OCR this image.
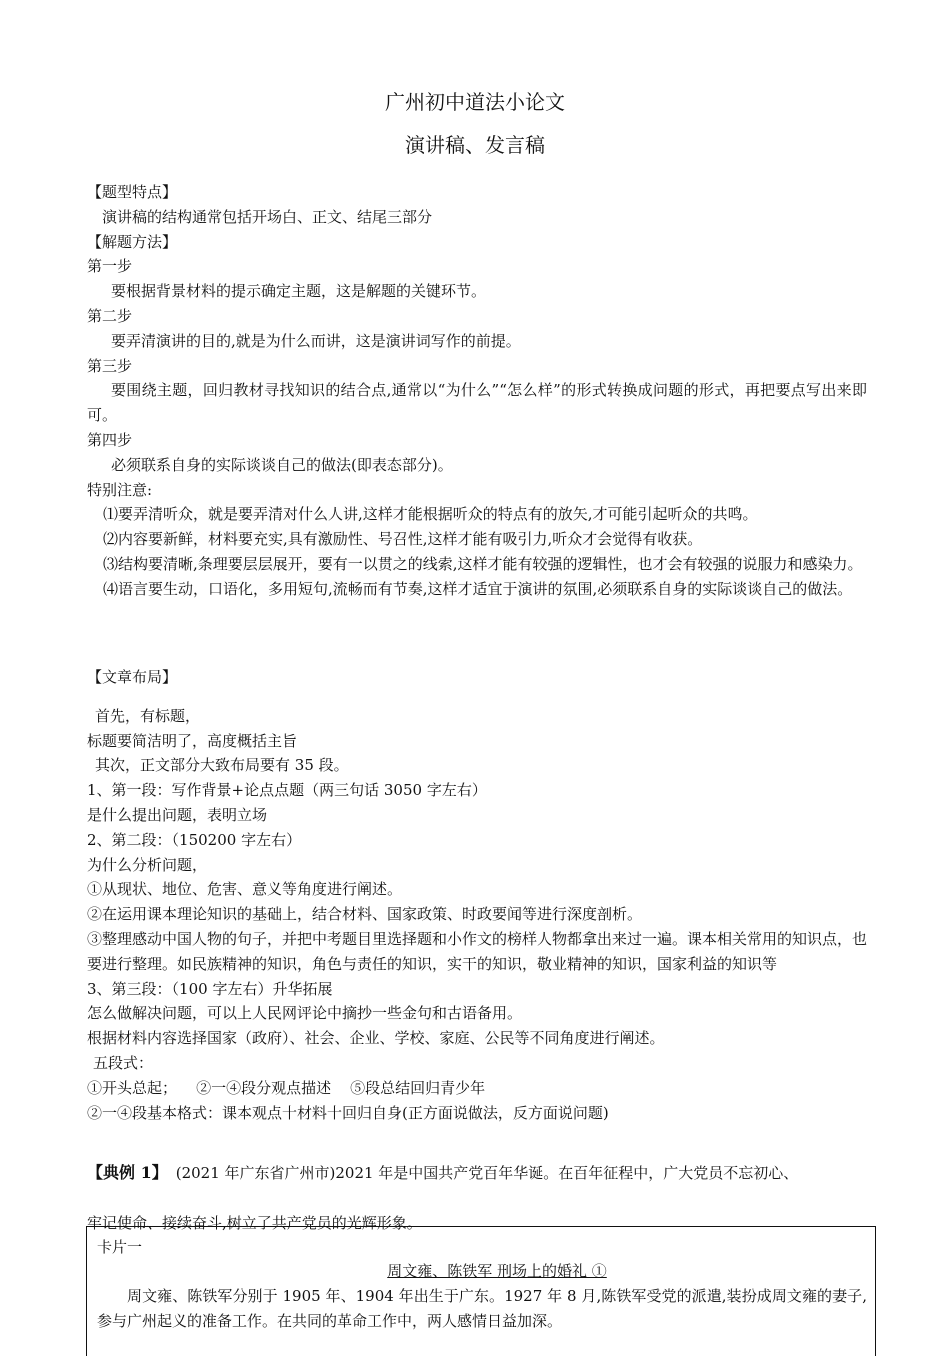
广州初中道法小论文
演讲稿、发言稿

【题型特点】

演讲稿的结构通常包括开场白、正文、结尾三部分

【解题方法】

第一步

要根据背景材料的提示确定主题，这是解题的关键环节。

第二步

要弄清演讲的目的,就是为什么而讲，这是演讲词写作的前提。

第三步

要围绕主题，回归教材寻找知识的结合点,通常以“为什么”“怎么样”的形式转换成问题的形式，再把要点写出来即可。

第四步

必须联系自身的实际谈谈自己的做法(即表态部分)。

特别注意:

⑴要弄清听众，就是要弄清对什么人讲,这样才能根据听众的特点有的放矢,才可能引起听众的共鸣。

⑵内容要新鲜，材料要充实,具有激励性、号召性,这样才能有吸引力,听众才会觉得有收获。

⑶结构要清晰,条理要层层展开，要有一以贯之的线索,这样才能有较强的逻辑性，也才会有较强的说服力和感染力。

⑷语言要生动，口语化，多用短句,流畅而有节奏,这样才适宜于演讲的氛围,必须联系自身的实际谈谈自己的做法。

【文章布局】

首先，有标题，

标题要简洁明了，高度概括主旨

其次，正文部分大致布局要有 35 段。

1、第一段：写作背景+论点点题（两三句话 3050 字左右）

是什么提出问题，表明立场

2、第二段：（150200 字左右）

为什么分析问题，

①从现状、地位、危害、意义等角度进行阐述。

②在运用课本理论知识的基础上，结合材料、国家政策、时政要闻等进行深度剖析。

③整理感动中国人物的句子，并把中考题目里选择题和小作文的榜样人物都拿出来过一遍。课本相关常用的知识点，也要进行整理。如民族精神的知识，角色与责任的知识，实干的知识，敬业精神的知识，国家利益的知识等

3、第三段：（100 字左右）升华拓展

怎么做解决问题，可以上人民网评论中摘抄一些金句和古语备用。

根据材料内容选择国家（政府）、社会、企业、学校、家庭、公民等不同角度进行阐述。

五段式：

①开头总起；    ②一④段分观点描述    ⑤段总结回归青少年

②一④段基本格式：课本观点十材料十回归自身(正方面说做法，反方面说问题)

【典例 1】 (2021 年广东省广州市)2021 年是中国共产党百年华诞。在百年征程中，广大党员不忘初心、
牢记使命、接续奋斗,树立了共产党员的光辉形象。
卡片一
周文雍、陈铁军 刑场上的婚礼 ①

周文雍、陈铁军分别于 1905 年、1904 年出生于广东。1927 年 8 月,陈铁军受党的派遣,装扮成周文雍的妻子,参与广州起义的准备工作。在共同的革命工作中，两人感情日益加深。
